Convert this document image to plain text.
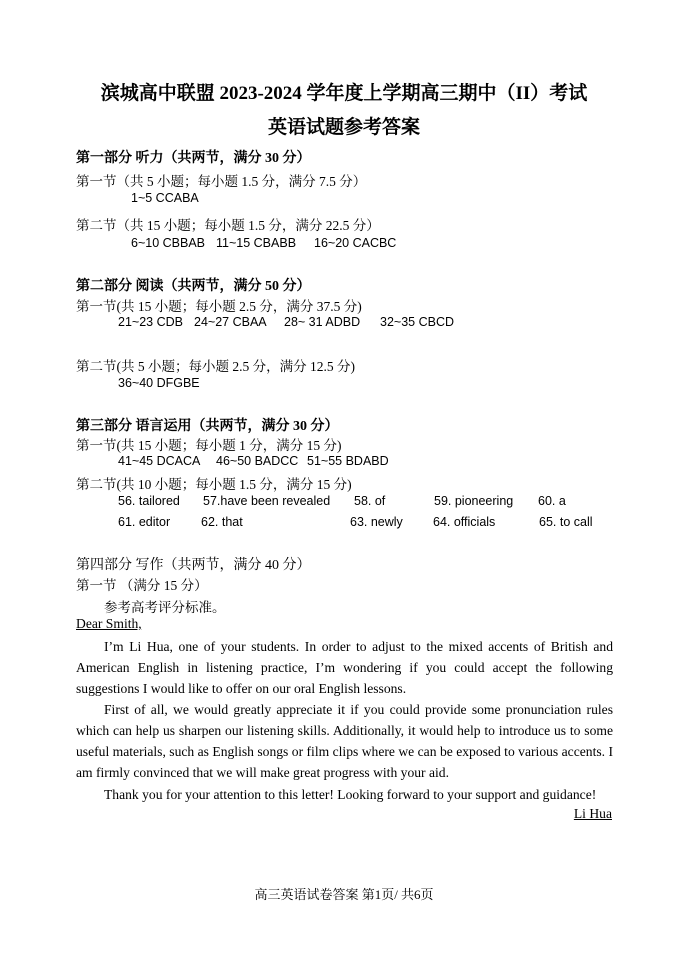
滨城高中联盟 2023-2024 学年度上学期高三期中（II）考试
英语试题参考答案
第一部分 听力（共两节，满分 30 分）
第一节（共 5 小题；每小题 1.5 分，满分 7.5 分）
1~5 CCABA
第二节（共 15 小题；每小题 1.5 分，满分 22.5 分）
6~10 CBBAB 11~15 CBABB 16~20 CACBC
第二部分 阅读（共两节，满分 50 分）
第一节(共 15 小题；每小题 2.5 分，满分 37.5 分)
21~23 CDB 24~27 CBAA 28~ 31 ADBD 32~35 CBCD
第二节(共 5 小题；每小题 2.5 分，满分 12.5 分)
36~40 DFGBE
第三部分 语言运用（共两节，满分 30 分）
第一节(共 15 小题；每小题 1 分，满分 15 分)
41~45 DCACA 46~50 BADCC 51~55 BDABD
第二节(共 10 小题；每小题 1.5 分，满分 15 分)
56. tailored 57.have been revealed 58. of	59. pioneering 60. a
61. editor 62. that	63. newly 64. officials	65. to call
第四部分 写作（共两节，满分 40 分）
第一节 （满分 15 分）
参考高考评分标准。
Dear Smith,
I’m Li Hua, one of your students. In order to adjust to the mixed accents of British and American English in listening practice, I’m wondering if you could accept the following suggestions I would like to offer on our oral English lessons.
First of all, we would greatly appreciate it if you could provide some pronunciation rules which can help us sharpen our listening skills. Additionally, it would help to introduce us to some useful materials, such as English songs or film clips where we can be exposed to various accents. I am firmly convinced that we will make great progress with your aid.
Thank you for your attention to this letter! Looking forward to your support and guidance!
Li Hua
高三英语试卷答案 第1页/ 共6页
